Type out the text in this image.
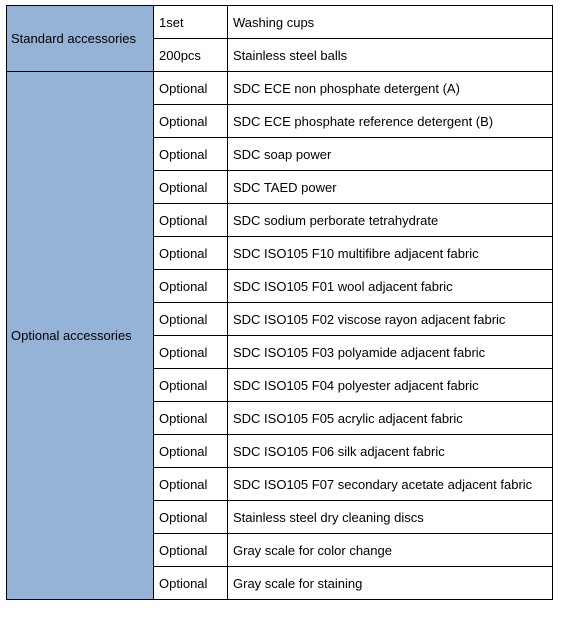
Standard accessories	1set	Washing cups
	200pcs	Stainless steel balls
Optional accessories	Optional	SDC ECE non phosphate detergent (A)
	Optional	SDC ECE phosphate reference detergent (B)
	Optional	SDC soap power
	Optional	SDC TAED power
	Optional	SDC sodium perborate tetrahydrate
	Optional	SDC ISO105 F10 multifibre adjacent fabric
	Optional	SDC ISO105 F01 wool adjacent fabric
	Optional	SDC ISO105 F02 viscose rayon adjacent fabric
	Optional	SDC ISO105 F03 polyamide adjacent fabric
	Optional	SDC ISO105 F04 polyester adjacent fabric
	Optional	SDC ISO105 F05 acrylic adjacent fabric
	Optional	SDC ISO105 F06 silk adjacent fabric
	Optional	SDC ISO105 F07 secondary acetate adjacent fabric
	Optional	Stainless steel dry cleaning discs
	Optional	Gray scale for color change
	Optional	Gray scale for staining
